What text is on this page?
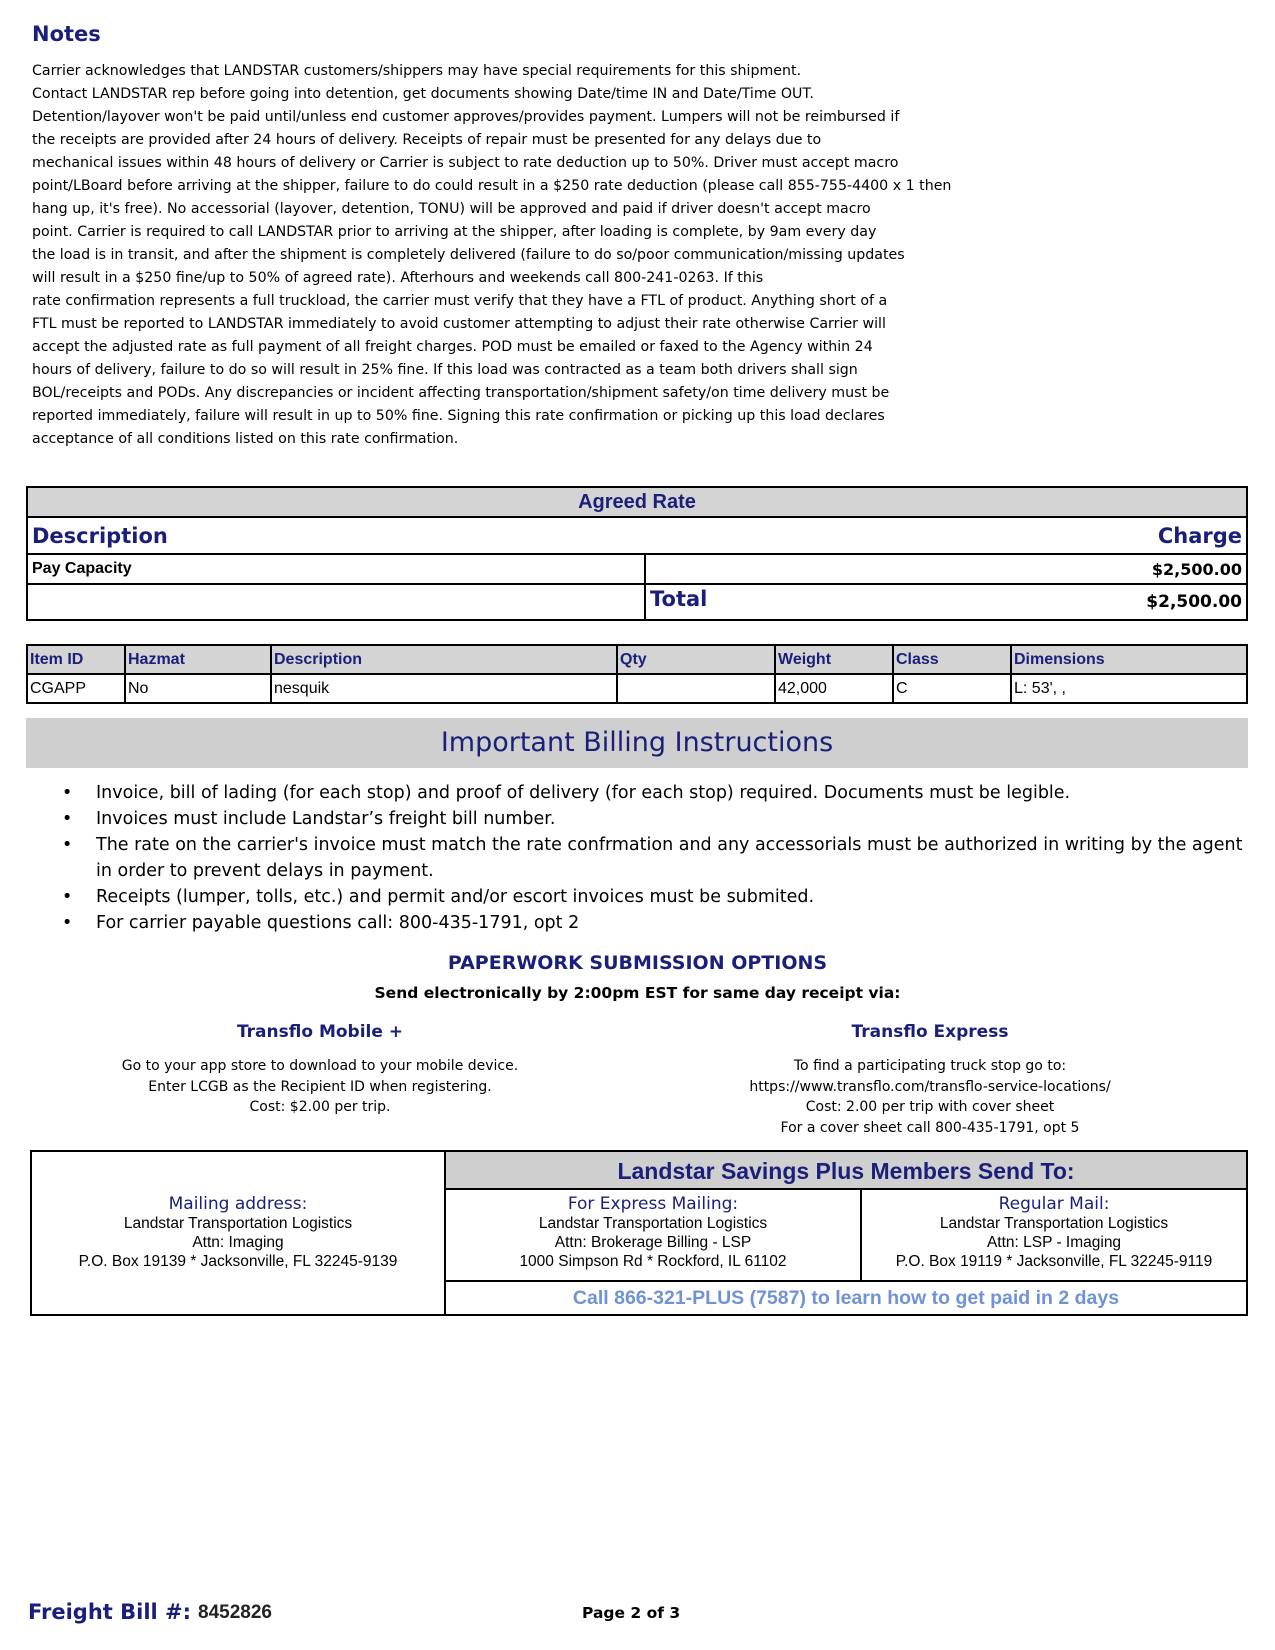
Notes
Carrier acknowledges that LANDSTAR customers/shippers may have special requirements for this shipment.
Contact LANDSTAR rep before going into detention, get documents showing Date/time IN and Date/Time OUT.
Detention/layover won't be paid until/unless end customer approves/provides payment. Lumpers will not be reimbursed if
the receipts are provided after 24 hours of delivery. Receipts of repair must be presented for any delays due to
mechanical issues within 48 hours of delivery or Carrier is subject to rate deduction up to 50%. Driver must accept macro
point/LBoard before arriving at the shipper, failure to do could result in a $250 rate deduction (please call 855-755-4400 x 1 then
hang up, it's free). No accessorial (layover, detention, TONU) will be approved and paid if driver doesn't accept macro
point. Carrier is required to call LANDSTAR prior to arriving at the shipper, after loading is complete, by 9am every day
the load is in transit, and after the shipment is completely delivered (failure to do so/poor communication/missing updates
will result in a $250 fine/up to 50% of agreed rate). Afterhours and weekends call 800-241-0263. If this
rate confirmation represents a full truckload, the carrier must verify that they have a FTL of product. Anything short of a
FTL must be reported to LANDSTAR immediately to avoid customer attempting to adjust their rate otherwise Carrier will
accept the adjusted rate as full payment of all freight charges. POD must be emailed or faxed to the Agency within 24
hours of delivery, failure to do so will result in 25% fine. If this load was contracted as a team both drivers shall sign
BOL/receipts and PODs. Any discrepancies or incident affecting transportation/shipment safety/on time delivery must be
reported immediately, failure will result in up to 50% fine. Signing this rate confirmation or picking up this load declares
acceptance of all conditions listed on this rate confirmation.
Agreed Rate	
Description	Charge
Pay Capacity	$2,500.00
	Total $2,500.00
Item ID	Hazmat	Description	Qty	Weight	Class	Dimensions
CGAPP	No	nesquik		42,000	C	L: 53', ,
Important Billing Instructions
• Invoice, bill of lading (for each stop) and proof of delivery (for each stop) required. Documents must be legible.
• Invoices must include Landstar’s freight bill number.
• The rate on the carrier's invoice must match the rate confrmation and any accessorials must be authorized in writing by the agent in order to prevent delays in payment.
• Receipts (lumper, tolls, etc.) and permit and/or escort invoices must be submited.
• For carrier payable questions call: 800-435-1791, opt 2
PAPERWORK SUBMISSION OPTIONS
Send electronically by 2:00pm EST for same day receipt via:
Transflo Mobile +
Go to your app store to download to your mobile device.
Enter LCGB as the Recipient ID when registering.
Cost: $2.00 per trip.
Transflo Express
To find a participating truck stop go to:
https://www.transflo.com/transflo-service-locations/
Cost: 2.00 per trip with cover sheet
For a cover sheet call 800-435-1791, opt 5
Mailing address:
Landstar Transportation Logistics
Attn: Imaging
P.O. Box 19139 * Jacksonville, FL 32245-9139
Landstar Savings Plus Members Send To:
For Express Mailing:
Landstar Transportation Logistics
Attn: Brokerage Billing - LSP
1000 Simpson Rd * Rockford, IL 61102
Regular Mail:
Landstar Transportation Logistics
Attn: LSP - Imaging
P.O. Box 19119 * Jacksonville, FL 32245-9119
Call 866-321-PLUS (7587) to learn how to get paid in 2 days
Freight Bill #: 8452826	Page 2 of 3
